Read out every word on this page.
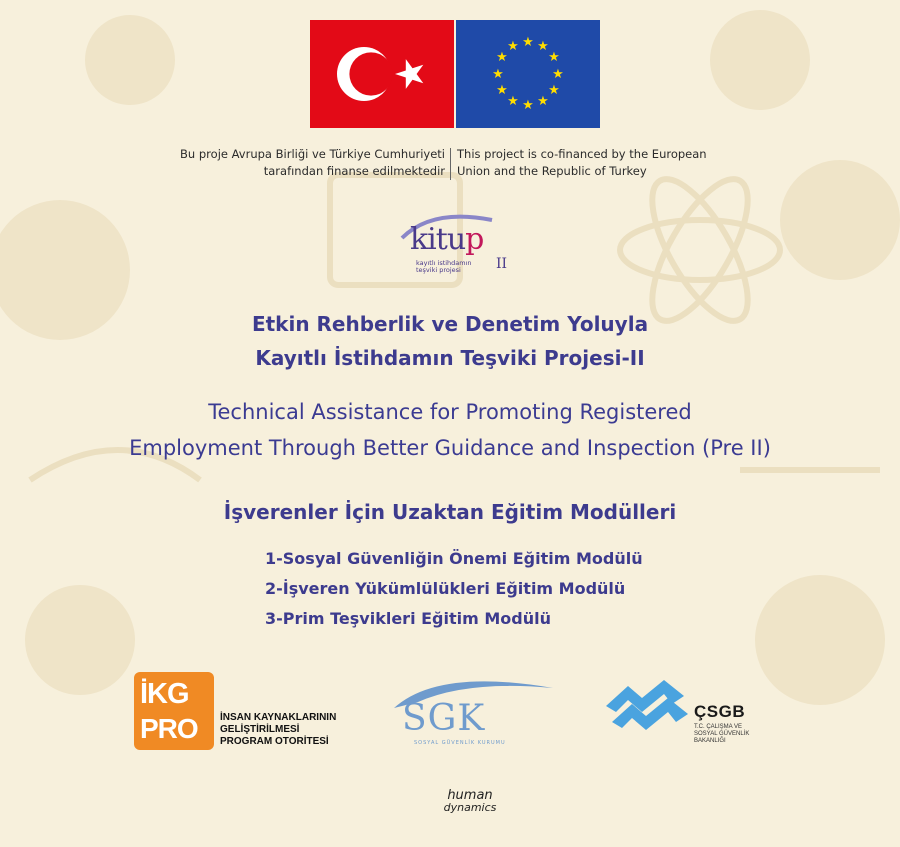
★ ★
★
★
★
★
★
★
★
★
★
★
Bu proje Avrupa Birliği ve Türkiye Cumhuriyeti
tarafından finanse edilmektedir
This project is co-financed by the European
Union and the Republic of Turkey
kitup
kayıtlı istihdamın
teşviki projesi	II
Etkin Rehberlik ve Denetim Yoluyla
Kayıtlı İstihdamın Teşviki Projesi-II
Technical Assistance for Promoting Registered
Employment Through Better Guidance and Inspection (Pre II)
İşverenler İçin Uzaktan Eğitim Modülleri
1-Sosyal Güvenliğin Önemi Eğitim Modülü
2-İşveren Yükümlülükleri Eğitim Modülü
3-Prim Teşvikleri Eğitim Modülü
İKG
PRO İNSAN KAYNAKLARININ
GELİŞTİRİLMESİ
PROGRAM OTORİTESİ
SGK
SOSYAL GÜVENLİK KURUMU
ÇSGB
T.C. ÇALIŞMA VE
SOSYAL GÜVENLİK
BAKANLIĞI
human
dynamics
